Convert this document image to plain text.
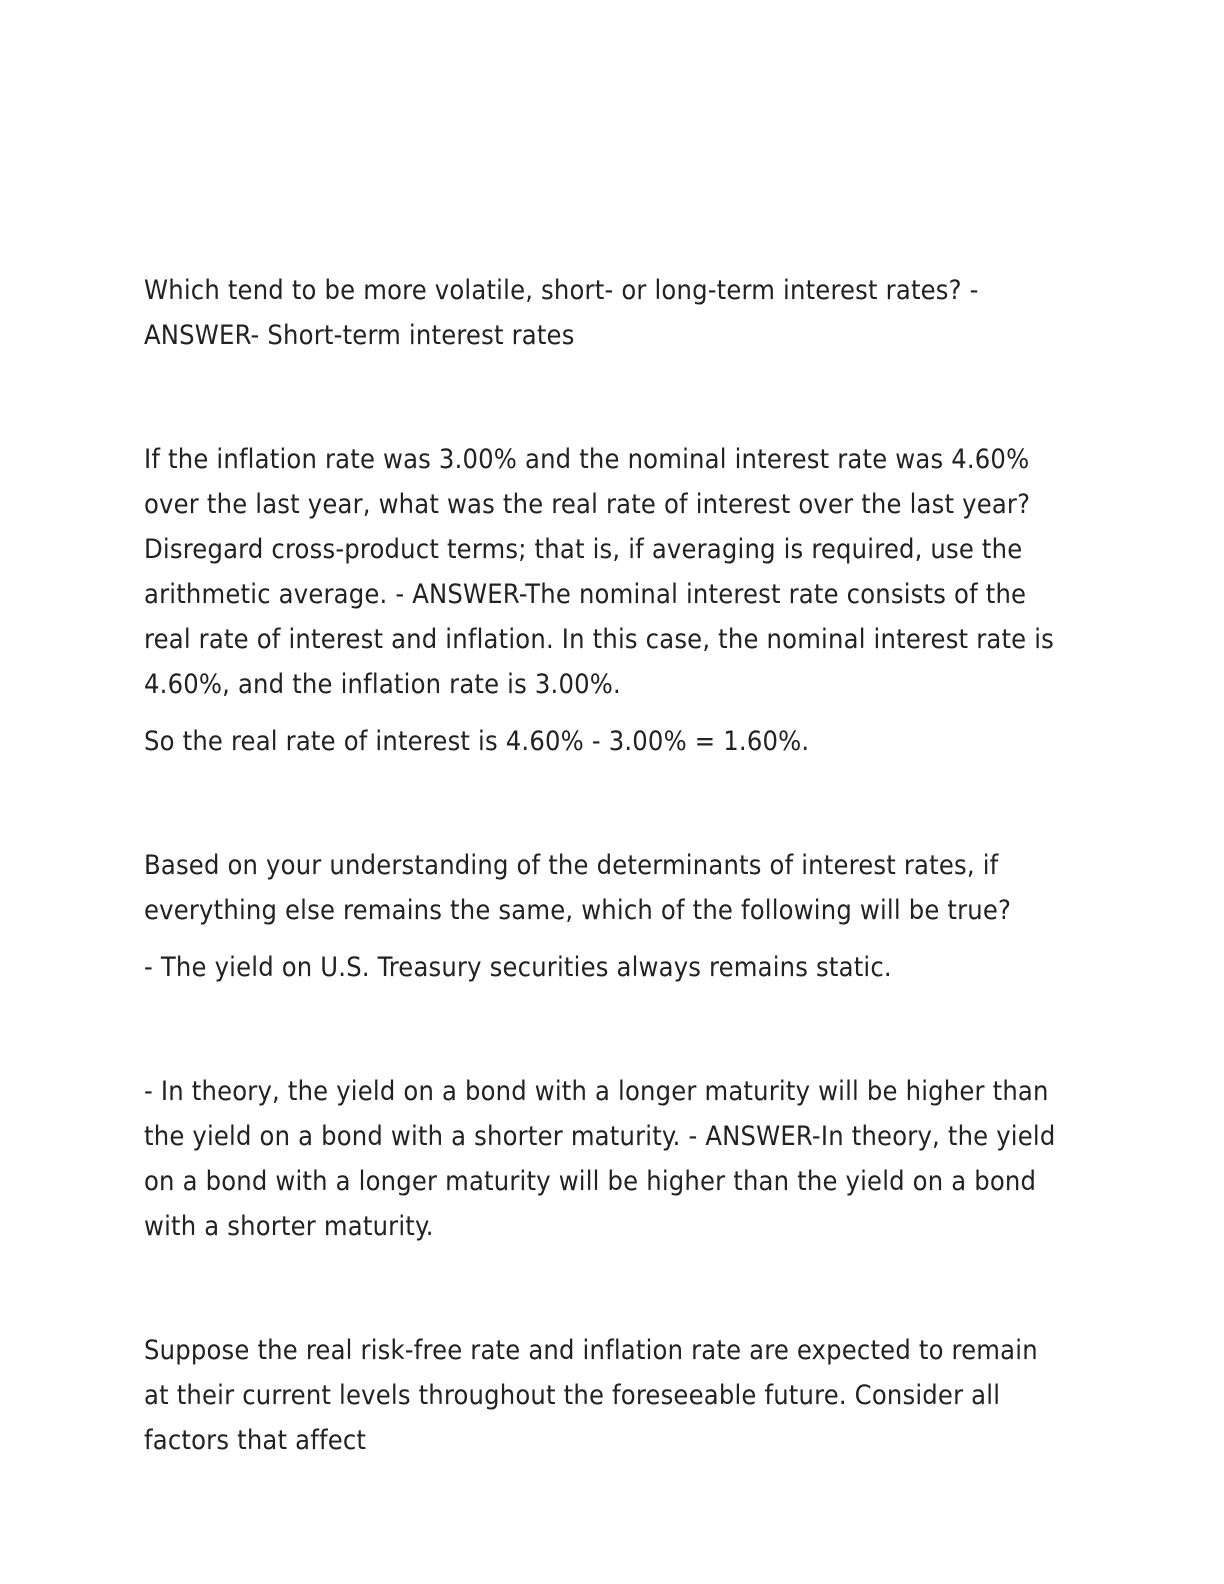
Which tend to be more volatile, short- or long-term interest rates? - ANSWER- Short-term interest rates

If the inflation rate was 3.00% and the nominal interest rate was 4.60% over the last year, what was the real rate of interest over the last year? Disregard cross-product terms; that is, if averaging is required, use the arithmetic average. - ANSWER-The nominal interest rate consists of the real rate of interest and inflation. In this case, the nominal interest rate is 4.60%, and the inflation rate is 3.00%.

So the real rate of interest is 4.60% - 3.00% = 1.60%.

Based on your understanding of the determinants of interest rates, if everything else remains the same, which of the following will be true?

- The yield on U.S. Treasury securities always remains static.

- In theory, the yield on a bond with a longer maturity will be higher than the yield on a bond with a shorter maturity. - ANSWER-In theory, the yield on a bond with a longer maturity will be higher than the yield on a bond with a shorter maturity.

Suppose the real risk-free rate and inflation rate are expected to remain at their current levels throughout the foreseeable future. Consider all factors that affect
